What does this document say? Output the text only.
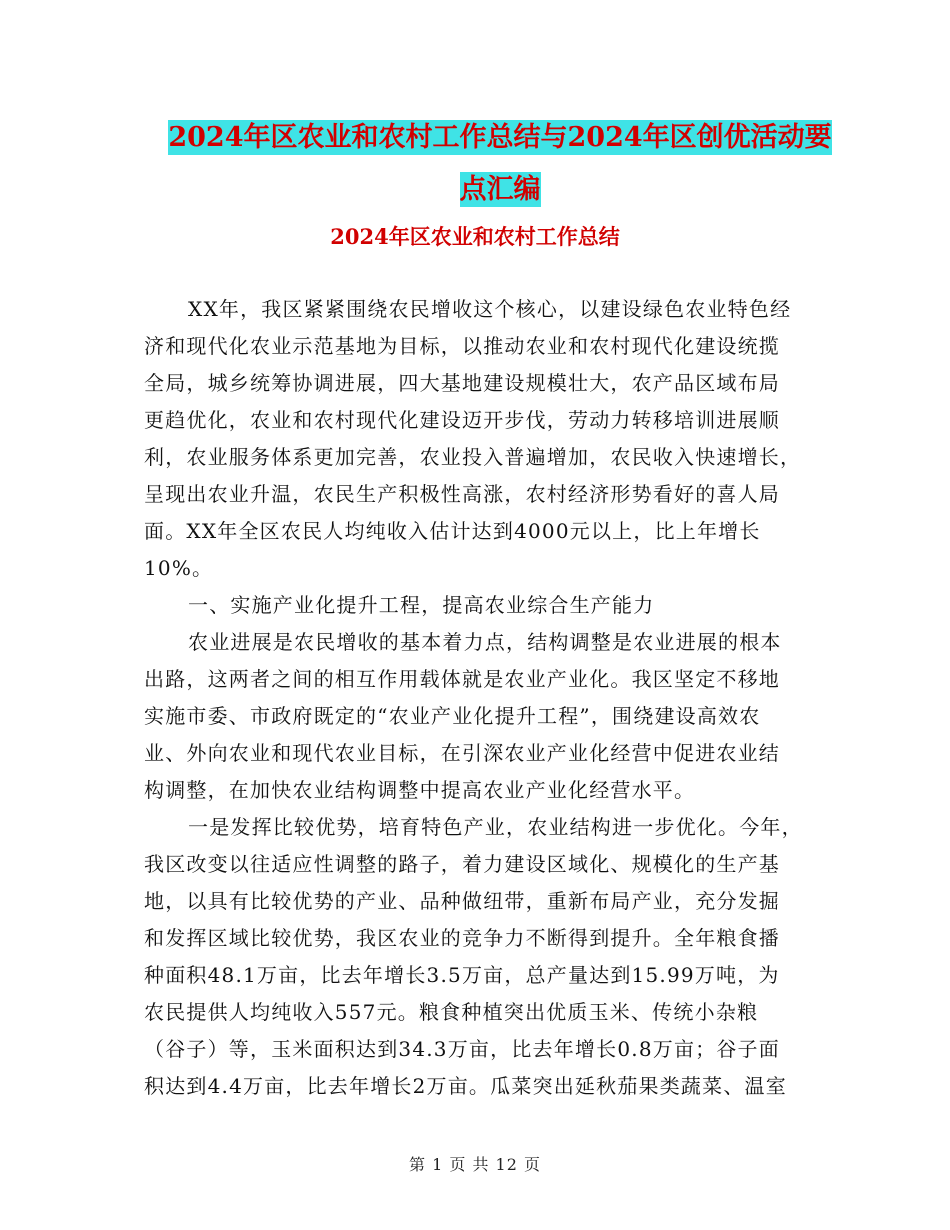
2024年区农业和农村工作总结与2024年区创优活动要
点汇编
2024年区农业和农村工作总结
XX年，我区紧紧围绕农民增收这个核心，以建设绿色农业特色经
济和现代化农业示范基地为目标，以推动农业和农村现代化建设统揽
全局，城乡统筹协调进展，四大基地建设规模壮大，农产品区域布局
更趋优化，农业和农村现代化建设迈开步伐，劳动力转移培训进展顺
利，农业服务体系更加完善，农业投入普遍增加，农民收入快速增长，
呈现出农业升温，农民生产积极性高涨，农村经济形势看好的喜人局
面。XX年全区农民人均纯收入估计达到4000元以上，比上年增长
10%。
一、实施产业化提升工程，提高农业综合生产能力
农业进展是农民增收的基本着力点，结构调整是农业进展的根本
出路，这两者之间的相互作用载体就是农业产业化。我区坚定不移地
实施市委、市政府既定的“农业产业化提升工程”，围绕建设高效农
业、外向农业和现代农业目标，在引深农业产业化经营中促进农业结
构调整，在加快农业结构调整中提高农业产业化经营水平。
一是发挥比较优势，培育特色产业，农业结构进一步优化。今年，
我区改变以往适应性调整的路子，着力建设区域化、规模化的生产基
地，以具有比较优势的产业、品种做纽带，重新布局产业，充分发掘
和发挥区域比较优势，我区农业的竞争力不断得到提升。全年粮食播
种面积48.1万亩，比去年增长3.5万亩，总产量达到15.99万吨，为
农民提供人均纯收入557元。粮食种植突出优质玉米、传统小杂粮
（谷子）等，玉米面积达到34.3万亩，比去年增长0.8万亩；谷子面
积达到4.4万亩，比去年增长2万亩。瓜菜突出延秋茄果类蔬菜、温室
第 1 页 共 12 页
